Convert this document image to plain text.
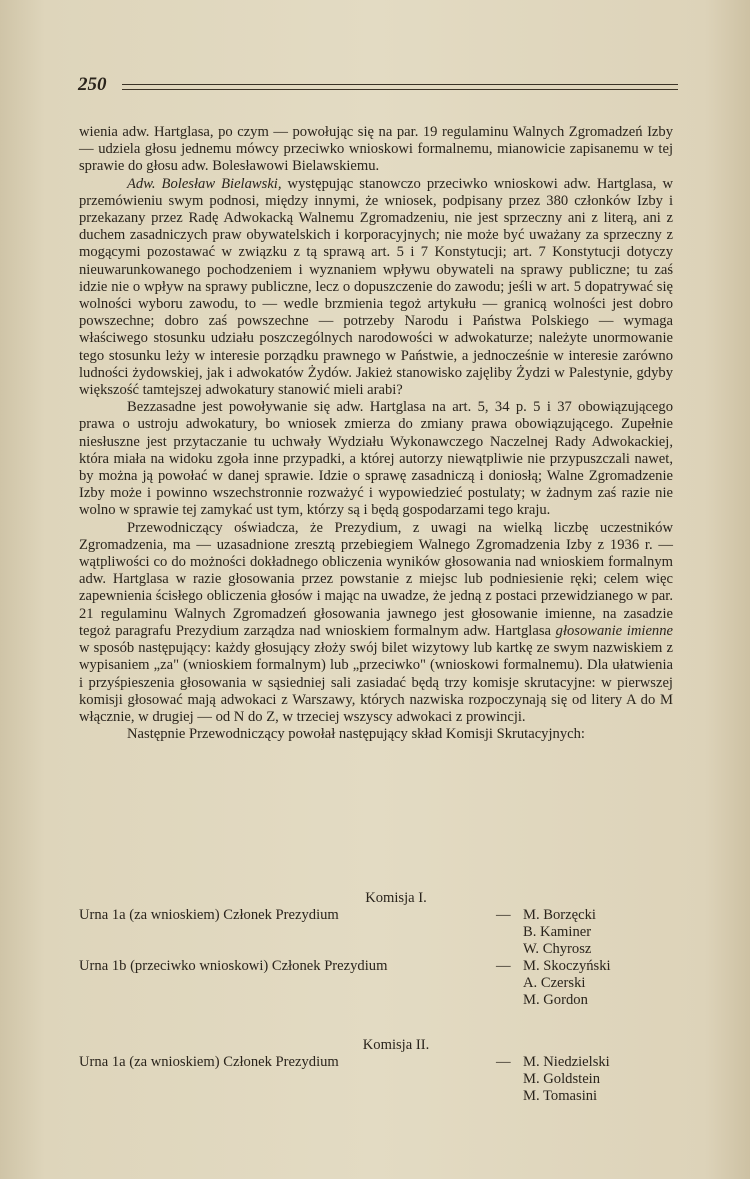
250

wienia adw. Hartglasa, po czym — powołując się na par. 19 regulaminu Walnych Zgromadzeń Izby — udziela głosu jednemu mówcy przeciwko wnioskowi formalnemu, mianowicie zapisanemu w tej sprawie do głosu adw. Bolesławowi Bielawskiemu.

Adw. Bolesław Bielawski, występując stanowczo przeciwko wnioskowi adw. Hartglasa, w przemówieniu swym podnosi, między innymi, że wniosek, podpisany przez 380 członków Izby i przekazany przez Radę Adwokacką Walnemu Zgromadzeniu, nie jest sprzeczny ani z literą, ani z duchem zasadniczych praw obywatelskich i korporacyjnych; nie może być uważany za sprzeczny z mogącymi pozostawać w związku z tą sprawą art. 5 i 7 Konstytucji; art. 7 Konstytucji dotyczy nieuwarunkowanego pochodzeniem i wyznaniem wpływu obywateli na sprawy publiczne; tu zaś idzie nie o wpływ na sprawy publiczne, lecz o dopuszczenie do zawodu; jeśli w art. 5 dopatrywać się wolności wyboru zawodu, to — wedle brzmienia tegoż artykułu — granicą wolności jest dobro powszechne; dobro zaś powszechne — potrzeby Narodu i Państwa Polskiego — wymaga właściwego stosunku udziału poszczególnych narodowości w adwokaturze; należyte unormowanie tego stosunku leży w interesie porządku prawnego w Państwie, a jednocześnie w interesie zarówno ludności żydowskiej, jak i adwokatów Żydów. Jakież stanowisko zajęliby Żydzi w Palestynie, gdyby większość tamtejszej adwokatury stanowić mieli arabi?

Bezzasadne jest powoływanie się adw. Hartglasa na art. 5, 34 p. 5 i 37 obowiązującego prawa o ustroju adwokatury, bo wniosek zmierza do zmiany prawa obowiązującego. Zupełnie niesłuszne jest przytaczanie tu uchwały Wydziału Wykonawczego Naczelnej Rady Adwokackiej, która miała na widoku zgoła inne przypadki, a której autorzy niewątpliwie nie przypuszczali nawet, by można ją powołać w danej sprawie. Idzie o sprawę zasadniczą i doniosłą; Walne Zgromadzenie Izby może i powinno wszechstronnie rozważyć i wypowiedzieć postulaty; w żadnym zaś razie nie wolno w sprawie tej zamykać ust tym, którzy są i będą gospodarzami tego kraju.

Przewodniczący oświadcza, że Prezydium, z uwagi na wielką liczbę uczestników Zgromadzenia, ma — uzasadnione zresztą przebiegiem Walnego Zgromadzenia Izby z 1936 r. — wątpliwości co do możności dokładnego obliczenia wyników głosowania nad wnioskiem formalnym adw. Hartglasa w razie głosowania przez powstanie z miejsc lub podniesienie ręki; celem więc zapewnienia ścisłego obliczenia głosów i mając na uwadze, że jedną z postaci przewidzianego w par. 21 regulaminu Walnych Zgromadzeń głosowania jawnego jest głosowanie imienne, na zasadzie tegoż paragrafu Prezydium zarządza nad wnioskiem formalnym adw. Hartglasa głosowanie imienne w sposób następujący: każdy głosujący złoży swój bilet wizytowy lub kartkę ze swym nazwiskiem z wypisaniem „za" (wnioskiem formalnym) lub „przeciwko" (wnioskowi formalnemu). Dla ułatwienia i przyśpieszenia głosowania w sąsiedniej sali zasiadać będą trzy komisje skrutacyjne: w pierwszej komisji głosować mają adwokaci z Warszawy, których nazwiska rozpoczynają się od litery A do M włącznie, w drugiej — od N do Z, w trzeciej wszyscy adwokaci z prowincji.

Następnie Przewodniczący powołał następujący skład Komisji Skrutacyjnych:

Komisja I.
Urna 1a (za wnioskiem) Członek Prezydium	— M. Borzęcki
B. Kaminer
W. Chyrosz
Urna 1b (przeciwko wnioskowi) Członek Prezydium	— M. Skoczyński
A. Czerski
M. Gordon
Komisja II.
Urna 1a (za wnioskiem) Członek Prezydium	— M. Niedzielski
M. Goldstein
M. Tomasini
